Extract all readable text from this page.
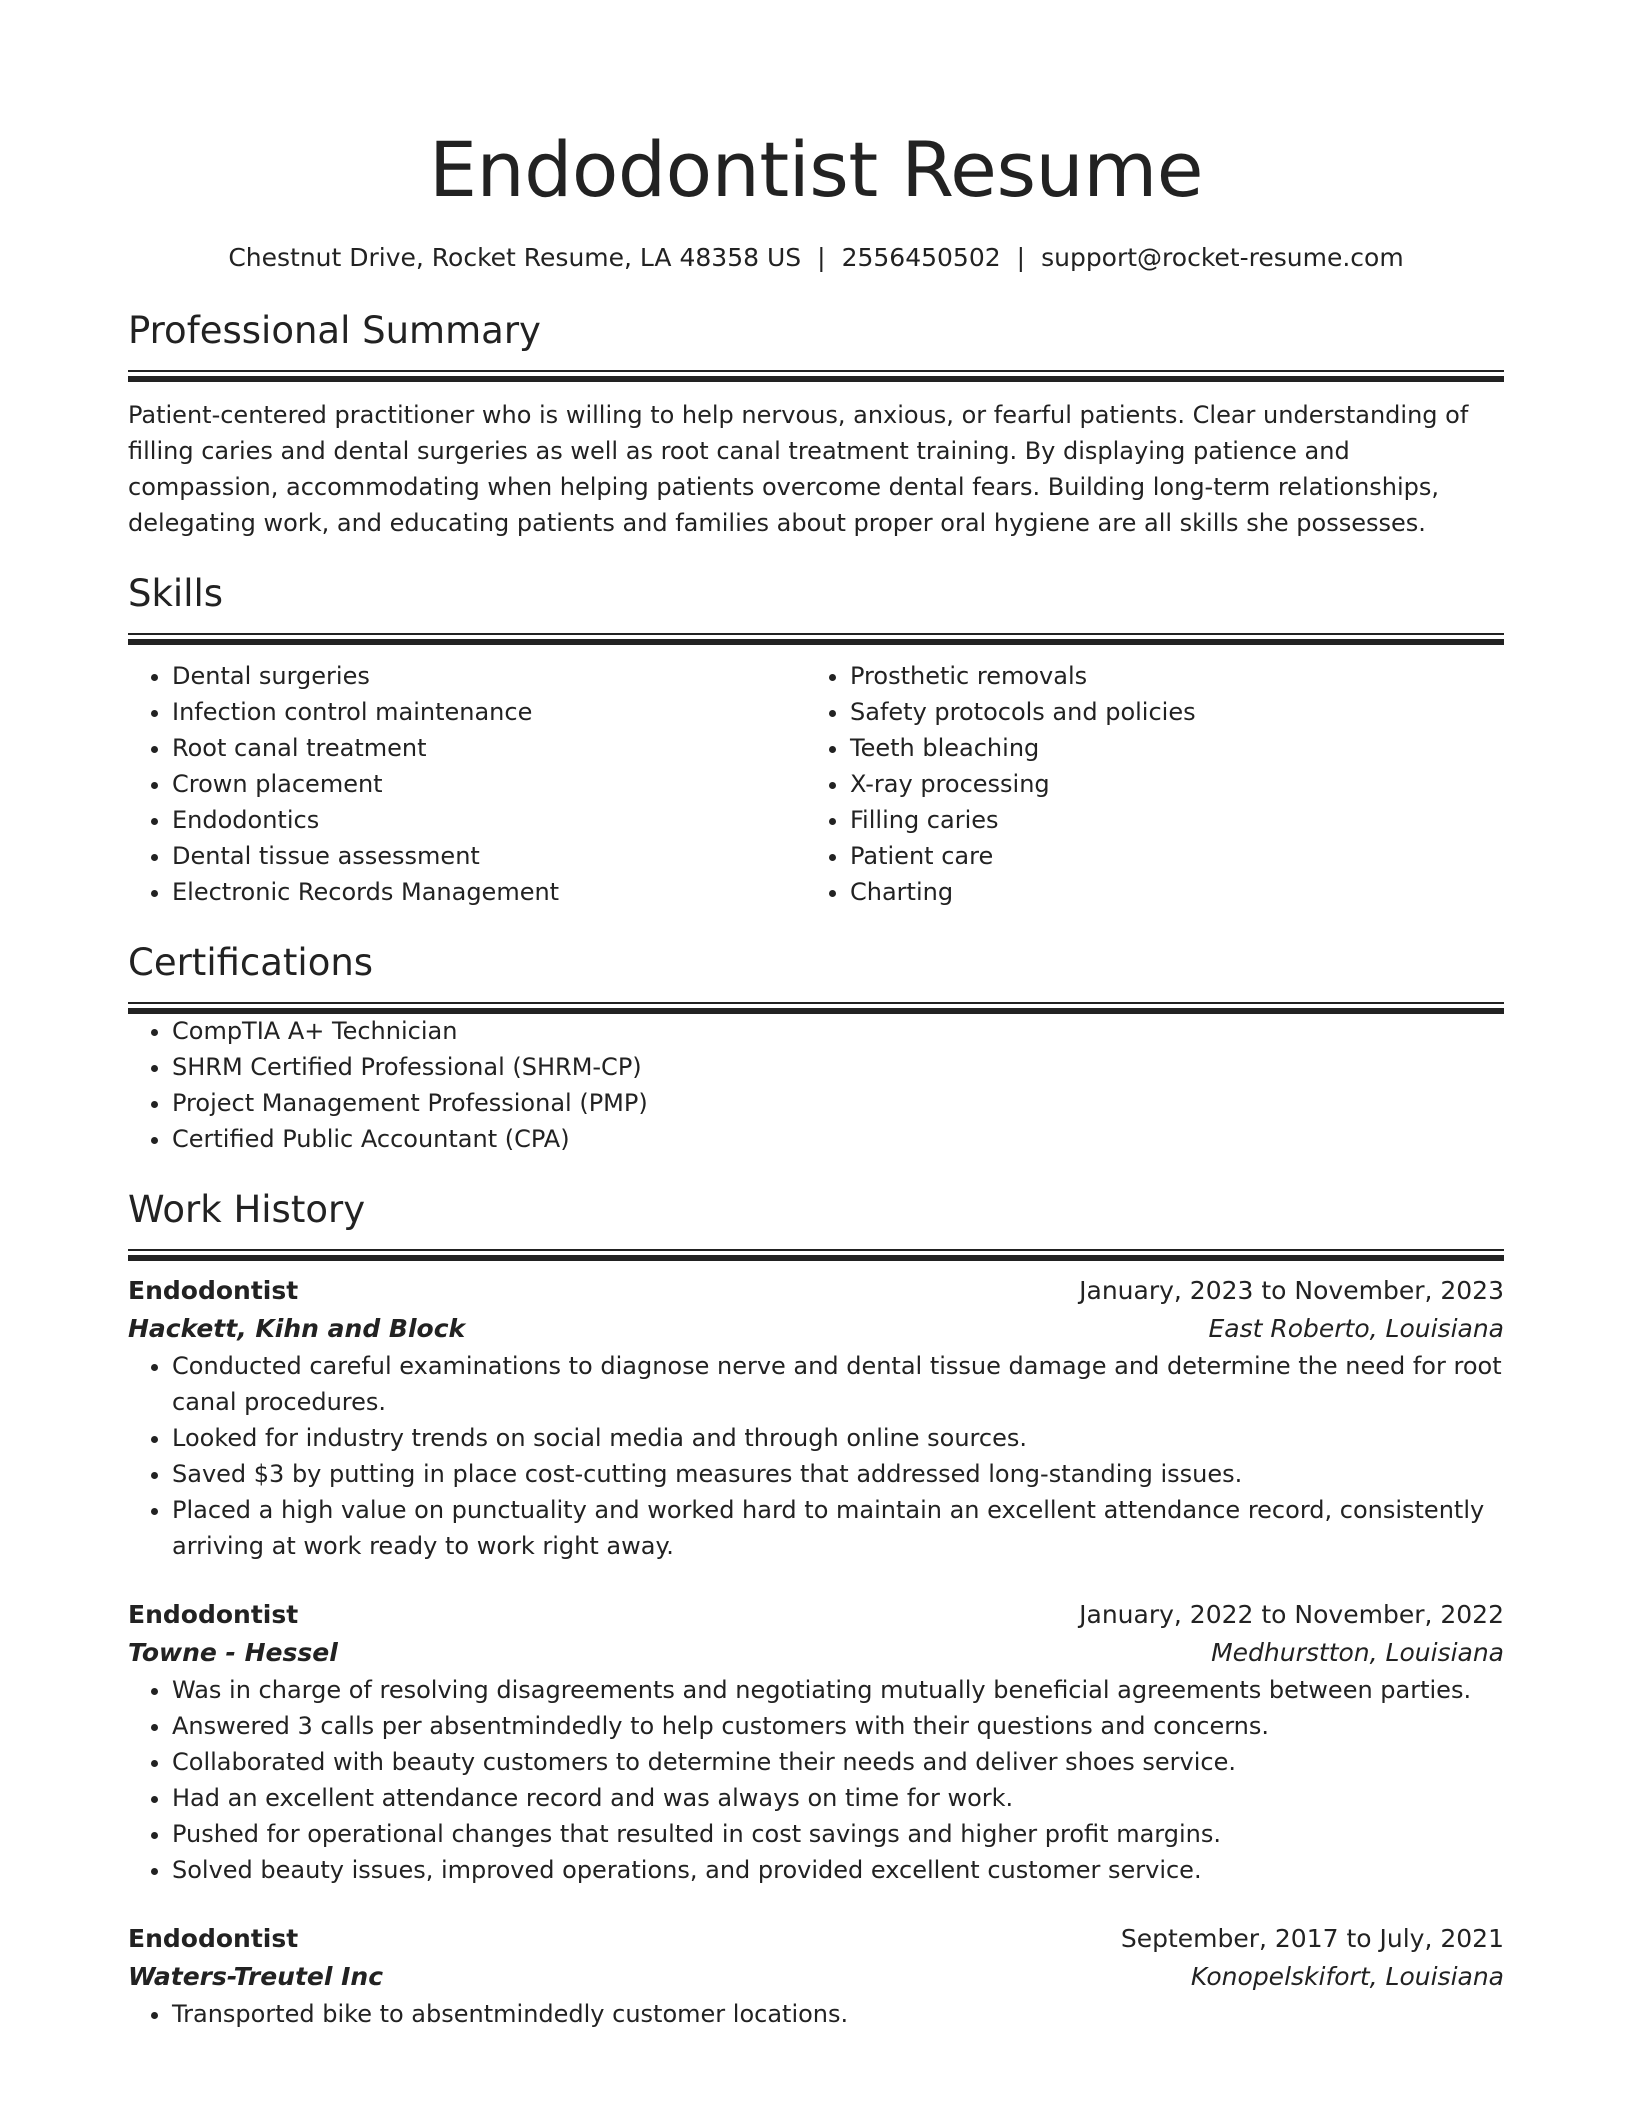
Endodontist Resume
Chestnut Drive, Rocket Resume, LA 48358 US | 2556450502 | support@rocket-resume.com
Professional Summary
Patient-centered practitioner who is willing to help nervous, anxious, or fearful patients. Clear understanding of filling caries and dental surgeries as well as root canal treatment training. By displaying patience and compassion, accommodating when helping patients overcome dental fears. Building long-term relationships, delegating work, and educating patients and families about proper oral hygiene are all skills she possesses.
Skills
• Dental surgeries
• Infection control maintenance
• Root canal treatment
• Crown placement
• Endodontics
• Dental tissue assessment
• Electronic Records Management
• Prosthetic removals
• Safety protocols and policies
• Teeth bleaching
• X-ray processing
• Filling caries
• Patient care
• Charting
Certifications
• CompTIA A+ Technician
• SHRM Certified Professional (SHRM-CP)
• Project Management Professional (PMP)
• Certified Public Accountant (CPA)
Work History
Endodontist	January, 2023 to November, 2023
Hackett, Kihn and Block	East Roberto, Louisiana
• Conducted careful examinations to diagnose nerve and dental tissue damage and determine the need for root canal procedures.
• Looked for industry trends on social media and through online sources.
• Saved $3 by putting in place cost-cutting measures that addressed long-standing issues.
• Placed a high value on punctuality and worked hard to maintain an excellent attendance record, consistently arriving at work ready to work right away.
Endodontist	January, 2022 to November, 2022
Towne - Hessel	Medhurstton, Louisiana
• Was in charge of resolving disagreements and negotiating mutually beneficial agreements between parties.
• Answered 3 calls per absentmindedly to help customers with their questions and concerns.
• Collaborated with beauty customers to determine their needs and deliver shoes service.
• Had an excellent attendance record and was always on time for work.
• Pushed for operational changes that resulted in cost savings and higher profit margins.
• Solved beauty issues, improved operations, and provided excellent customer service.
Endodontist	September, 2017 to July, 2021
Waters-Treutel Inc	Konopelskifort, Louisiana
• Transported bike to absentmindedly customer locations.
